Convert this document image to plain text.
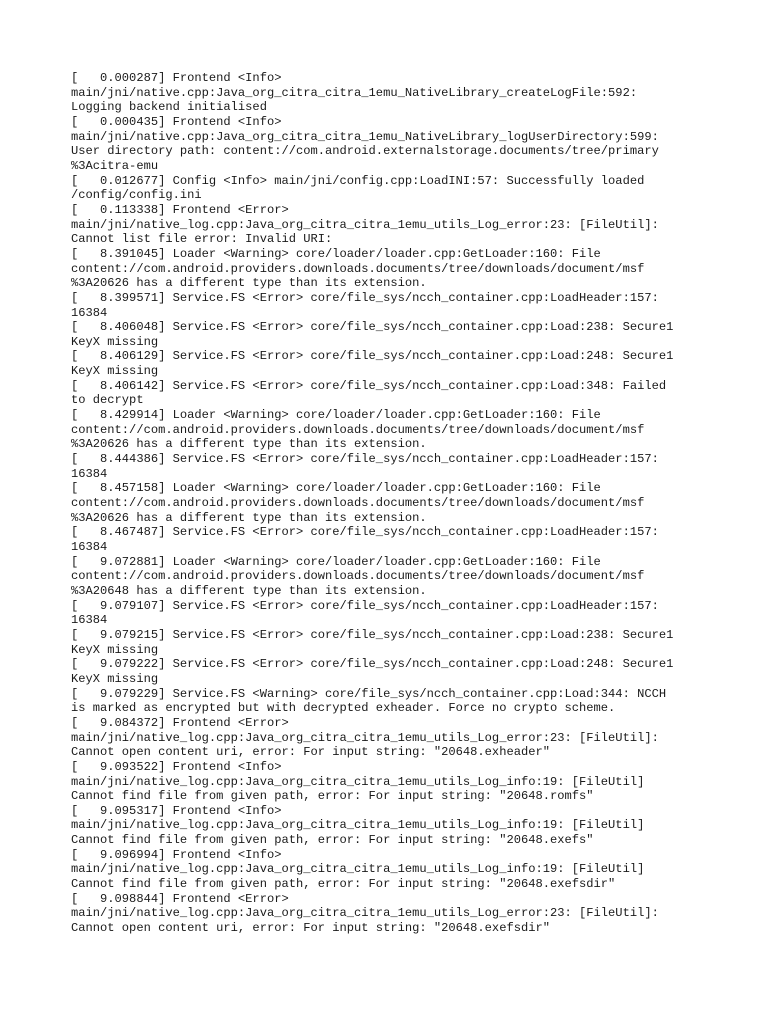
[   0.000287] Frontend <Info>
main/jni/native.cpp:Java_org_citra_citra_1emu_NativeLibrary_createLogFile:592:
Logging backend initialised
[   0.000435] Frontend <Info>
main/jni/native.cpp:Java_org_citra_citra_1emu_NativeLibrary_logUserDirectory:599:
User directory path: content://com.android.externalstorage.documents/tree/primary
%3Acitra-emu
[   0.012677] Config <Info> main/jni/config.cpp:LoadINI:57: Successfully loaded
/config/config.ini
[   0.113338] Frontend <Error>
main/jni/native_log.cpp:Java_org_citra_citra_1emu_utils_Log_error:23: [FileUtil]:
Cannot list file error: Invalid URI:
[   8.391045] Loader <Warning> core/loader/loader.cpp:GetLoader:160: File
content://com.android.providers.downloads.documents/tree/downloads/document/msf
%3A20626 has a different type than its extension.
[   8.399571] Service.FS <Error> core/file_sys/ncch_container.cpp:LoadHeader:157:
16384
[   8.406048] Service.FS <Error> core/file_sys/ncch_container.cpp:Load:238: Secure1
KeyX missing
[   8.406129] Service.FS <Error> core/file_sys/ncch_container.cpp:Load:248: Secure1
KeyX missing
[   8.406142] Service.FS <Error> core/file_sys/ncch_container.cpp:Load:348: Failed
to decrypt
[   8.429914] Loader <Warning> core/loader/loader.cpp:GetLoader:160: File
content://com.android.providers.downloads.documents/tree/downloads/document/msf
%3A20626 has a different type than its extension.
[   8.444386] Service.FS <Error> core/file_sys/ncch_container.cpp:LoadHeader:157:
16384
[   8.457158] Loader <Warning> core/loader/loader.cpp:GetLoader:160: File
content://com.android.providers.downloads.documents/tree/downloads/document/msf
%3A20626 has a different type than its extension.
[   8.467487] Service.FS <Error> core/file_sys/ncch_container.cpp:LoadHeader:157:
16384
[   9.072881] Loader <Warning> core/loader/loader.cpp:GetLoader:160: File
content://com.android.providers.downloads.documents/tree/downloads/document/msf
%3A20648 has a different type than its extension.
[   9.079107] Service.FS <Error> core/file_sys/ncch_container.cpp:LoadHeader:157:
16384
[   9.079215] Service.FS <Error> core/file_sys/ncch_container.cpp:Load:238: Secure1
KeyX missing
[   9.079222] Service.FS <Error> core/file_sys/ncch_container.cpp:Load:248: Secure1
KeyX missing
[   9.079229] Service.FS <Warning> core/file_sys/ncch_container.cpp:Load:344: NCCH
is marked as encrypted but with decrypted exheader. Force no crypto scheme.
[   9.084372] Frontend <Error>
main/jni/native_log.cpp:Java_org_citra_citra_1emu_utils_Log_error:23: [FileUtil]:
Cannot open content uri, error: For input string: "20648.exheader"
[   9.093522] Frontend <Info>
main/jni/native_log.cpp:Java_org_citra_citra_1emu_utils_Log_info:19: [FileUtil]
Cannot find file from given path, error: For input string: "20648.romfs"
[   9.095317] Frontend <Info>
main/jni/native_log.cpp:Java_org_citra_citra_1emu_utils_Log_info:19: [FileUtil]
Cannot find file from given path, error: For input string: "20648.exefs"
[   9.096994] Frontend <Info>
main/jni/native_log.cpp:Java_org_citra_citra_1emu_utils_Log_info:19: [FileUtil]
Cannot find file from given path, error: For input string: "20648.exefsdir"
[   9.098844] Frontend <Error>
main/jni/native_log.cpp:Java_org_citra_citra_1emu_utils_Log_error:23: [FileUtil]:
Cannot open content uri, error: For input string: "20648.exefsdir"
